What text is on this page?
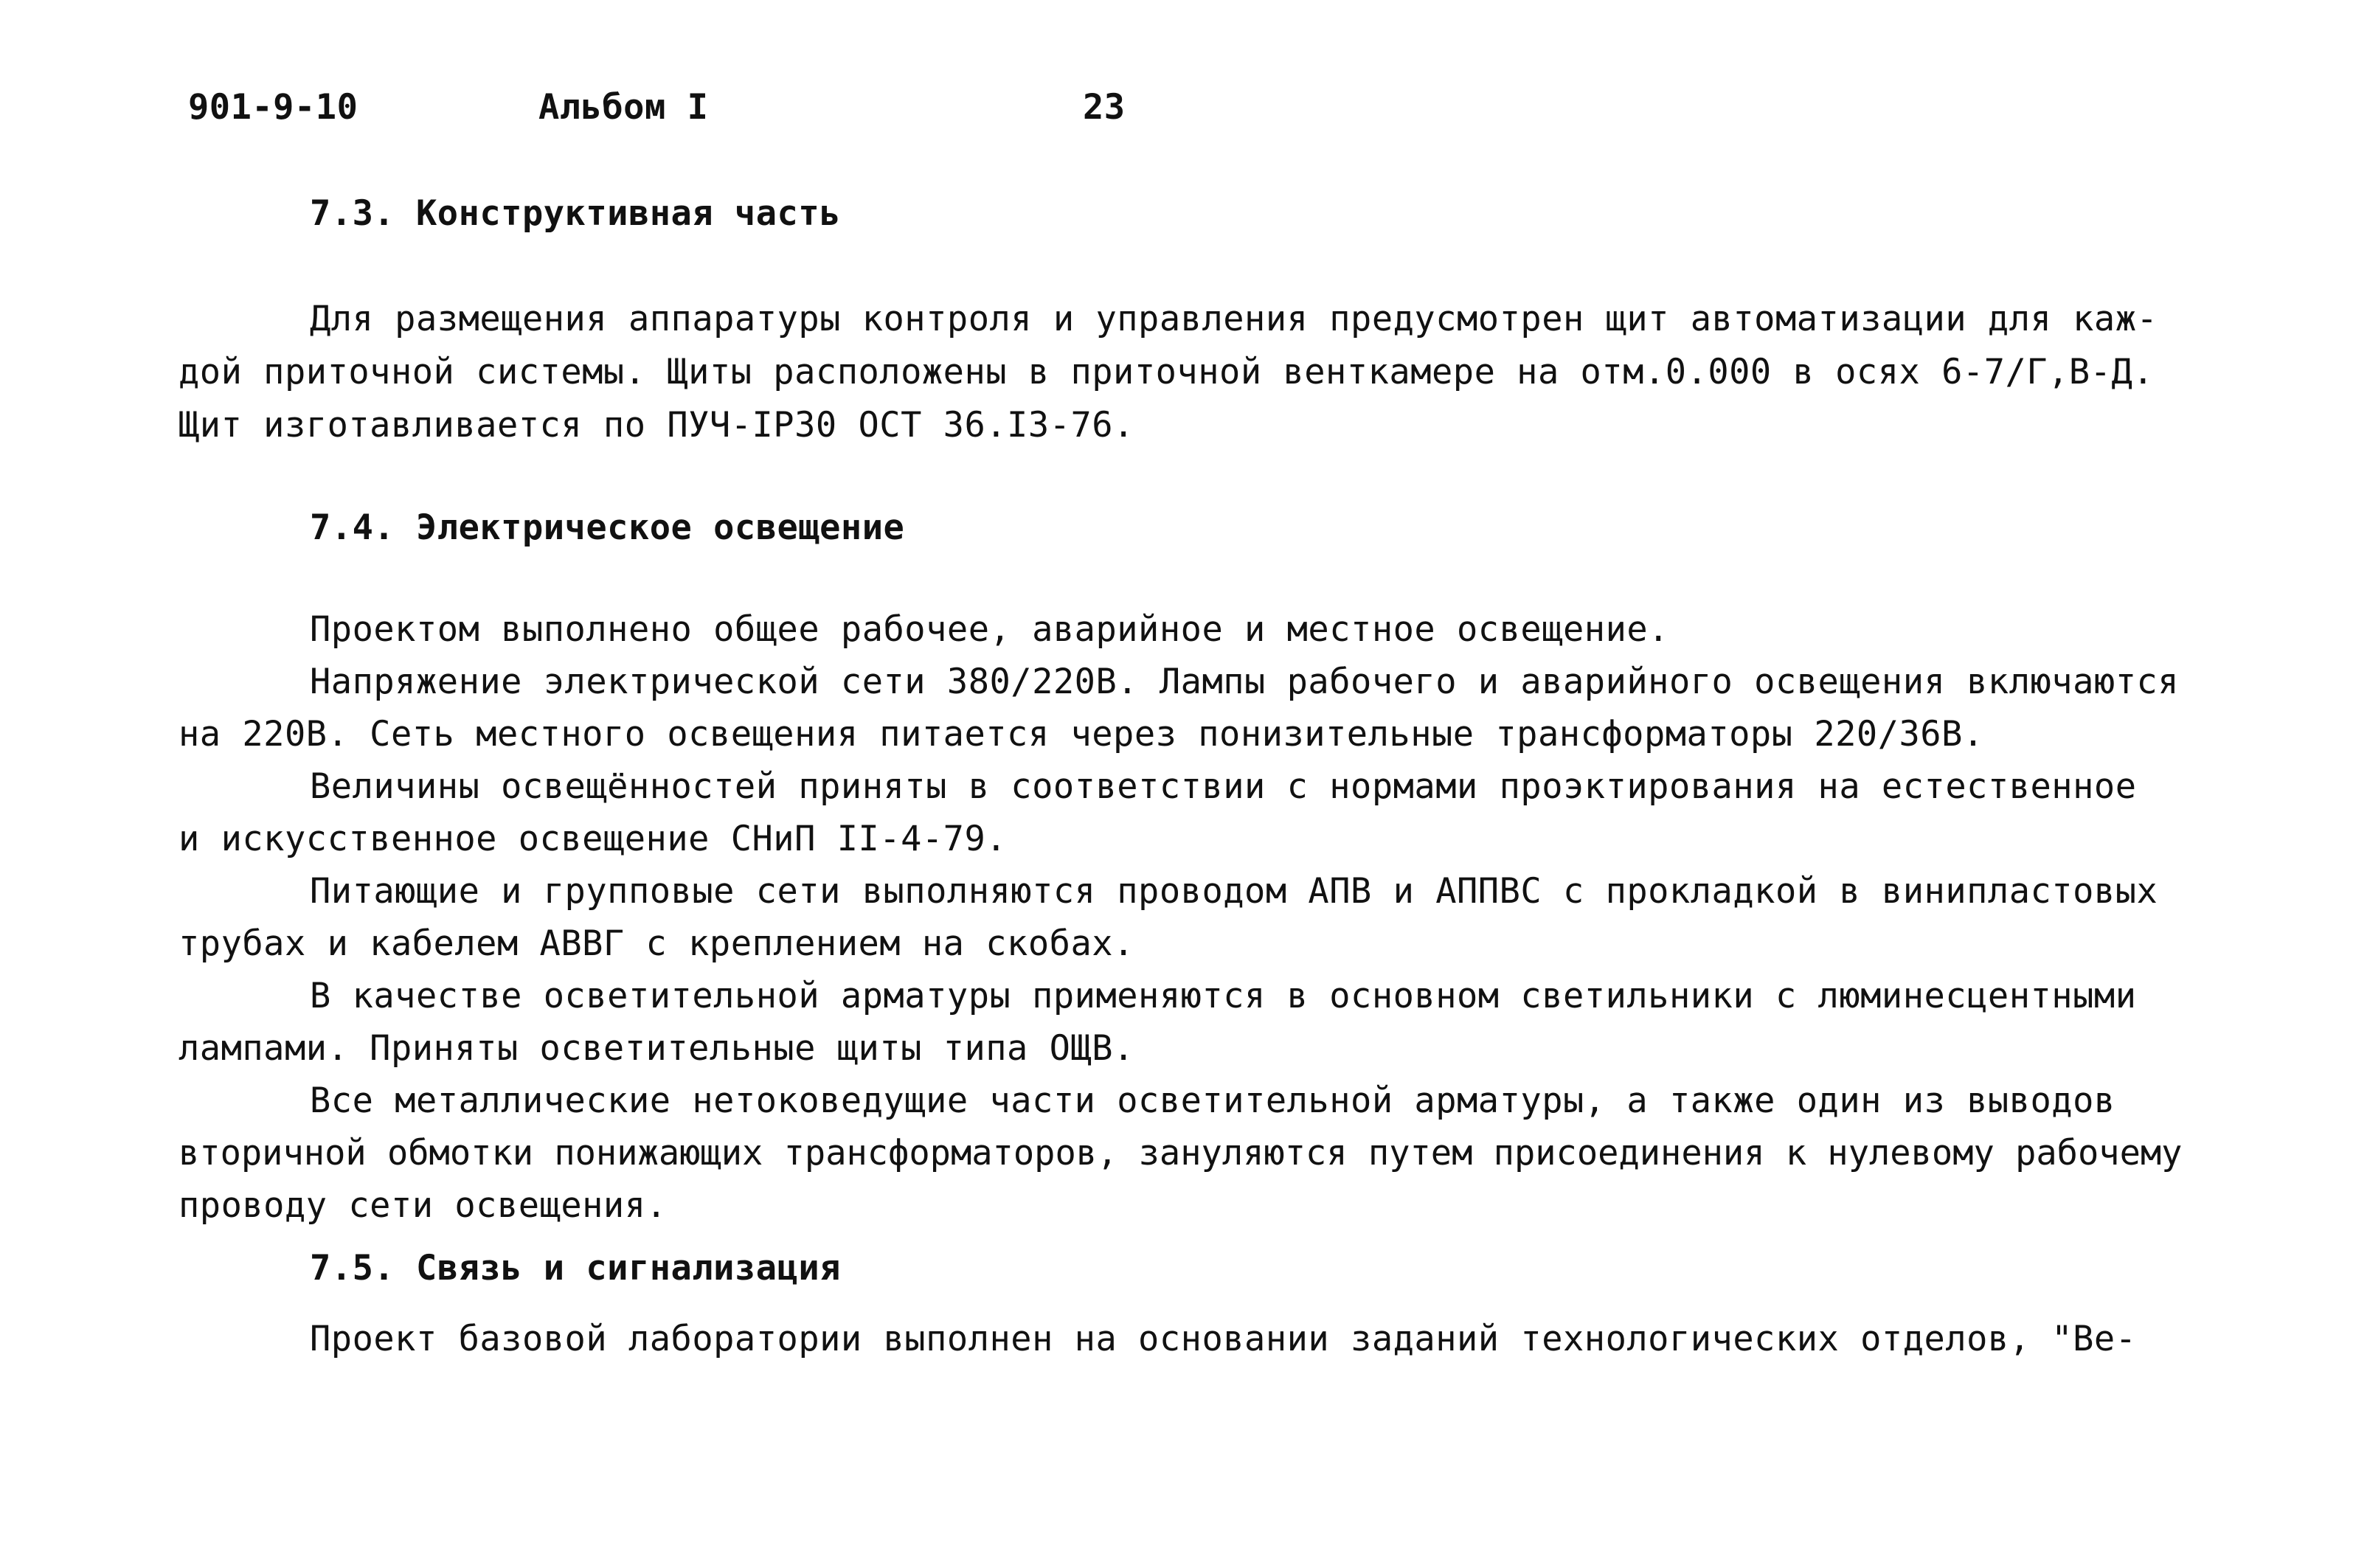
901-9-10	Альбом I	23
7.3. Конструктивная часть
Для размещения аппаратуры контроля и управления предусмотрен щит автоматизации для каж-
дой приточной системы. Щиты расположены в приточной венткамере на отм.0.000 в осях 6-7/Г,В-Д.
Щит изготавливается по ПУЧ-IР30 ОСТ 36.I3-76.
7.4. Электрическое освещение
Проектом выполнено общее рабочее, аварийное и местное освещение.
Напряжение электрической сети 380/220В. Лампы рабочего и аварийного освещения включаются
на 220В. Сеть местного освещения питается через понизительные трансформаторы 220/36В.
Величины освещённостей приняты в соответствии с нормами проэктирования на естественное
и искусственное освещение СНиП II-4-79.
Питающие и групповые сети выполняются проводом АПВ и АППВС с прокладкой в винипластовых
трубах и кабелем АВВГ с креплением на скобах.
В качестве осветительной арматуры применяются в основном светильники с люминесцентными
лампами. Приняты осветительные щиты типа ОЩВ.
Все металлические нетоковедущие части осветительной арматуры, а также один из выводов
вторичной обмотки понижающих трансформаторов, зануляются путем присоединения к нулевому рабочему
проводу сети освещения.
7.5. Связь и сигнализация
Проект базовой лаборатории выполнен на основании заданий технологических отделов, "Ве-
